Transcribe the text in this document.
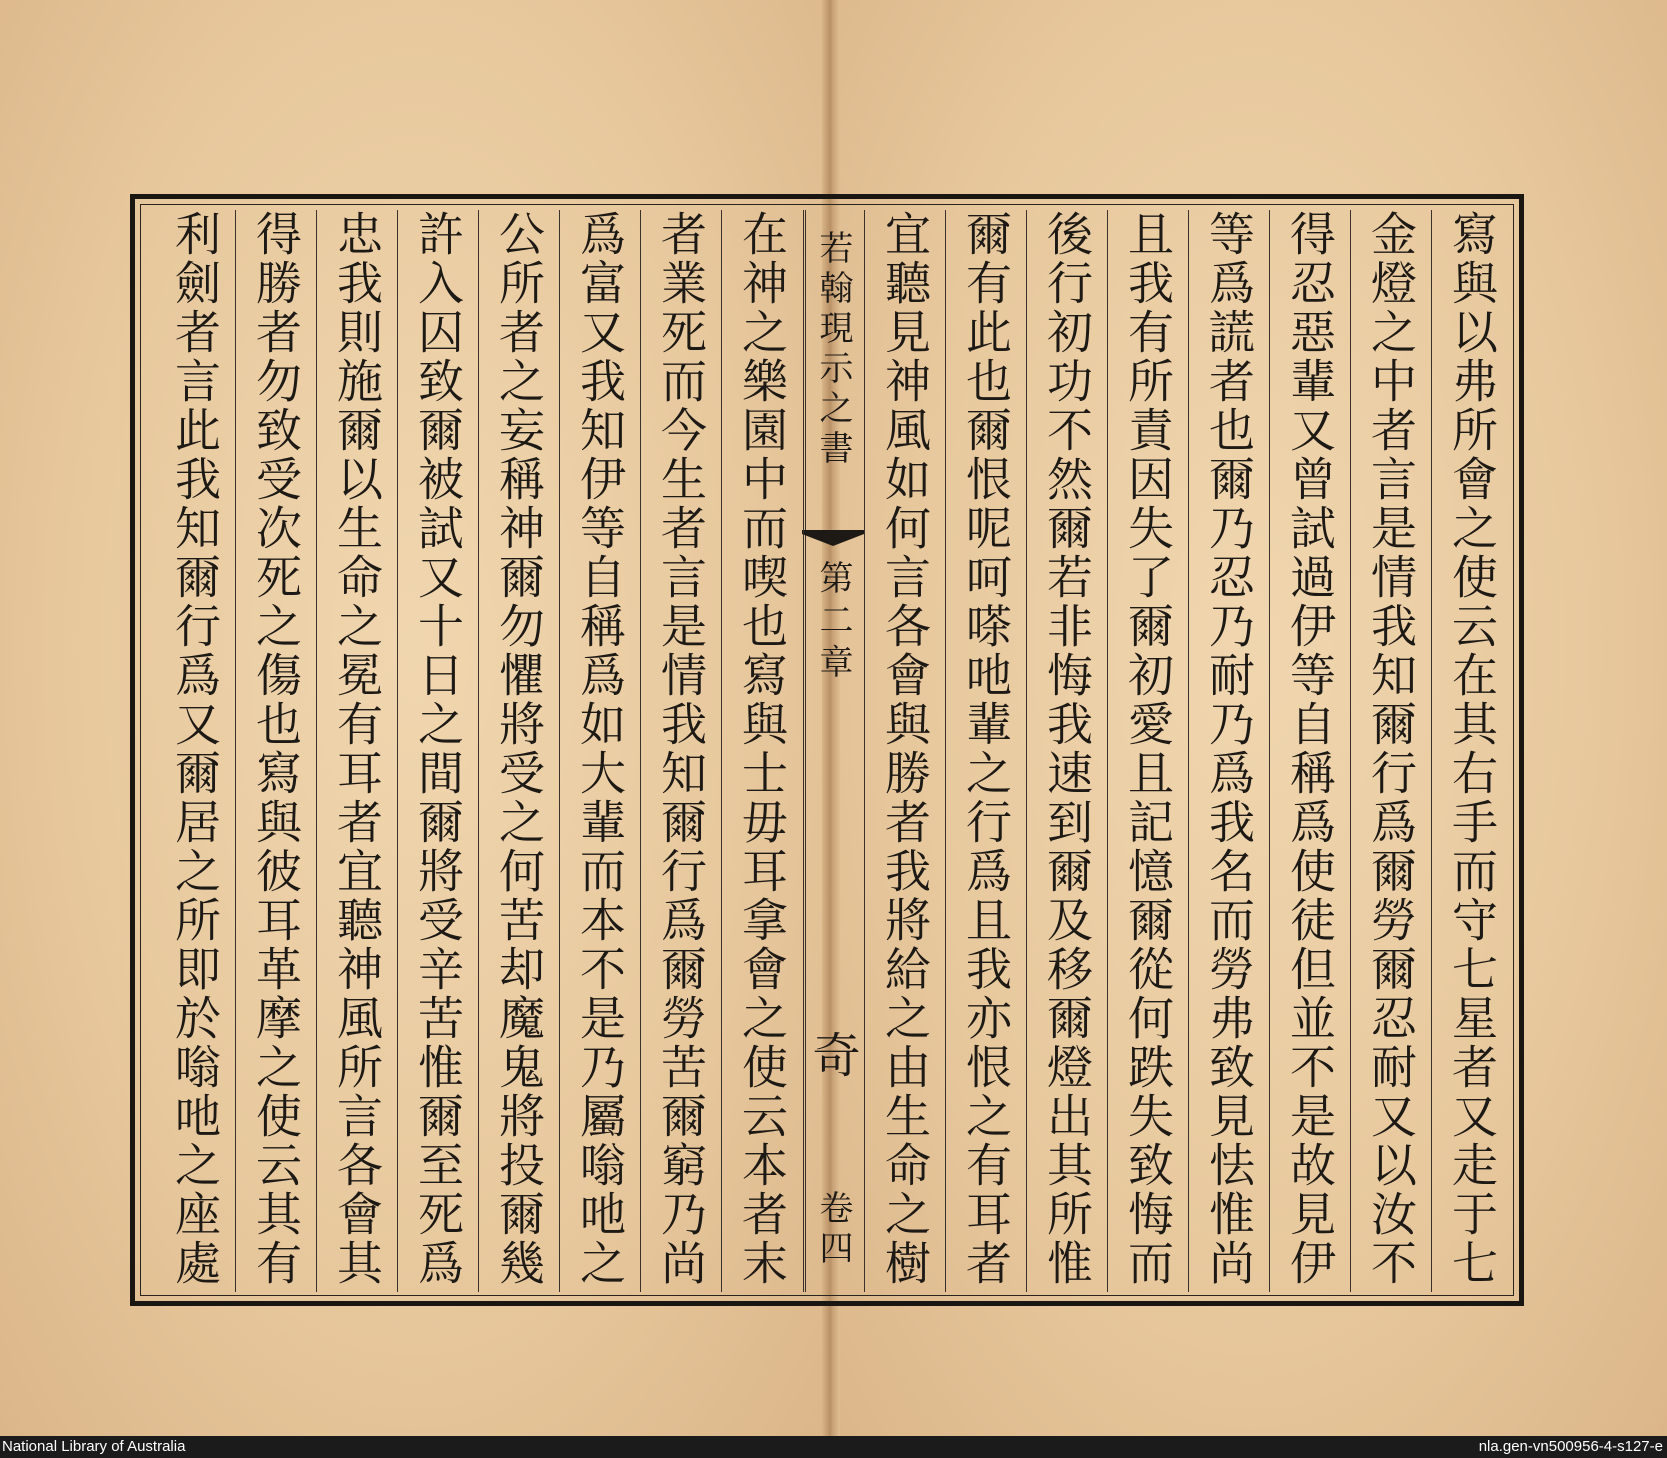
寫與以弗所會之使云在其右手而守七星者又走于七
金燈之中者言是情我知爾行爲爾勞爾忍耐又以汝不
得忍惡輩又曾試過伊等自稱爲使徒但並不是故見伊
等爲謊者也爾乃忍乃耐乃爲我名而勞弗致見怯惟尚
且我有所責因失了爾初愛且記憶爾從何跌失致悔而
後行初功不然爾若非悔我速到爾及移爾燈出其所惟
爾有此也爾恨呢呵嗏吔輩之行爲且我亦恨之有耳者
宜聽見神風如何言各會與勝者我將給之由生命之樹
若翰現示之書
第二章
奇
卷四
在神之樂園中而喫也寫與士毋耳拿會之使云本者末
者業死而今生者言是情我知爾行爲爾勞苦爾窮乃尚
爲富又我知伊等自稱爲如大輩而本不是乃屬嗡吔之
公所者之妄稱神爾勿懼將受之何苦却魔鬼將投爾幾
許入囚致爾被試又十日之間爾將受辛苦惟爾至死爲
忠我則施爾以生命之冕有耳者宜聽神風所言各會其
得勝者勿致受次死之傷也寫與彼耳革摩之使云其有
利劍者言此我知爾行爲又爾居之所即於嗡吔之座處
National Library of Australia	nla.gen-vn500956-4-s127-e
